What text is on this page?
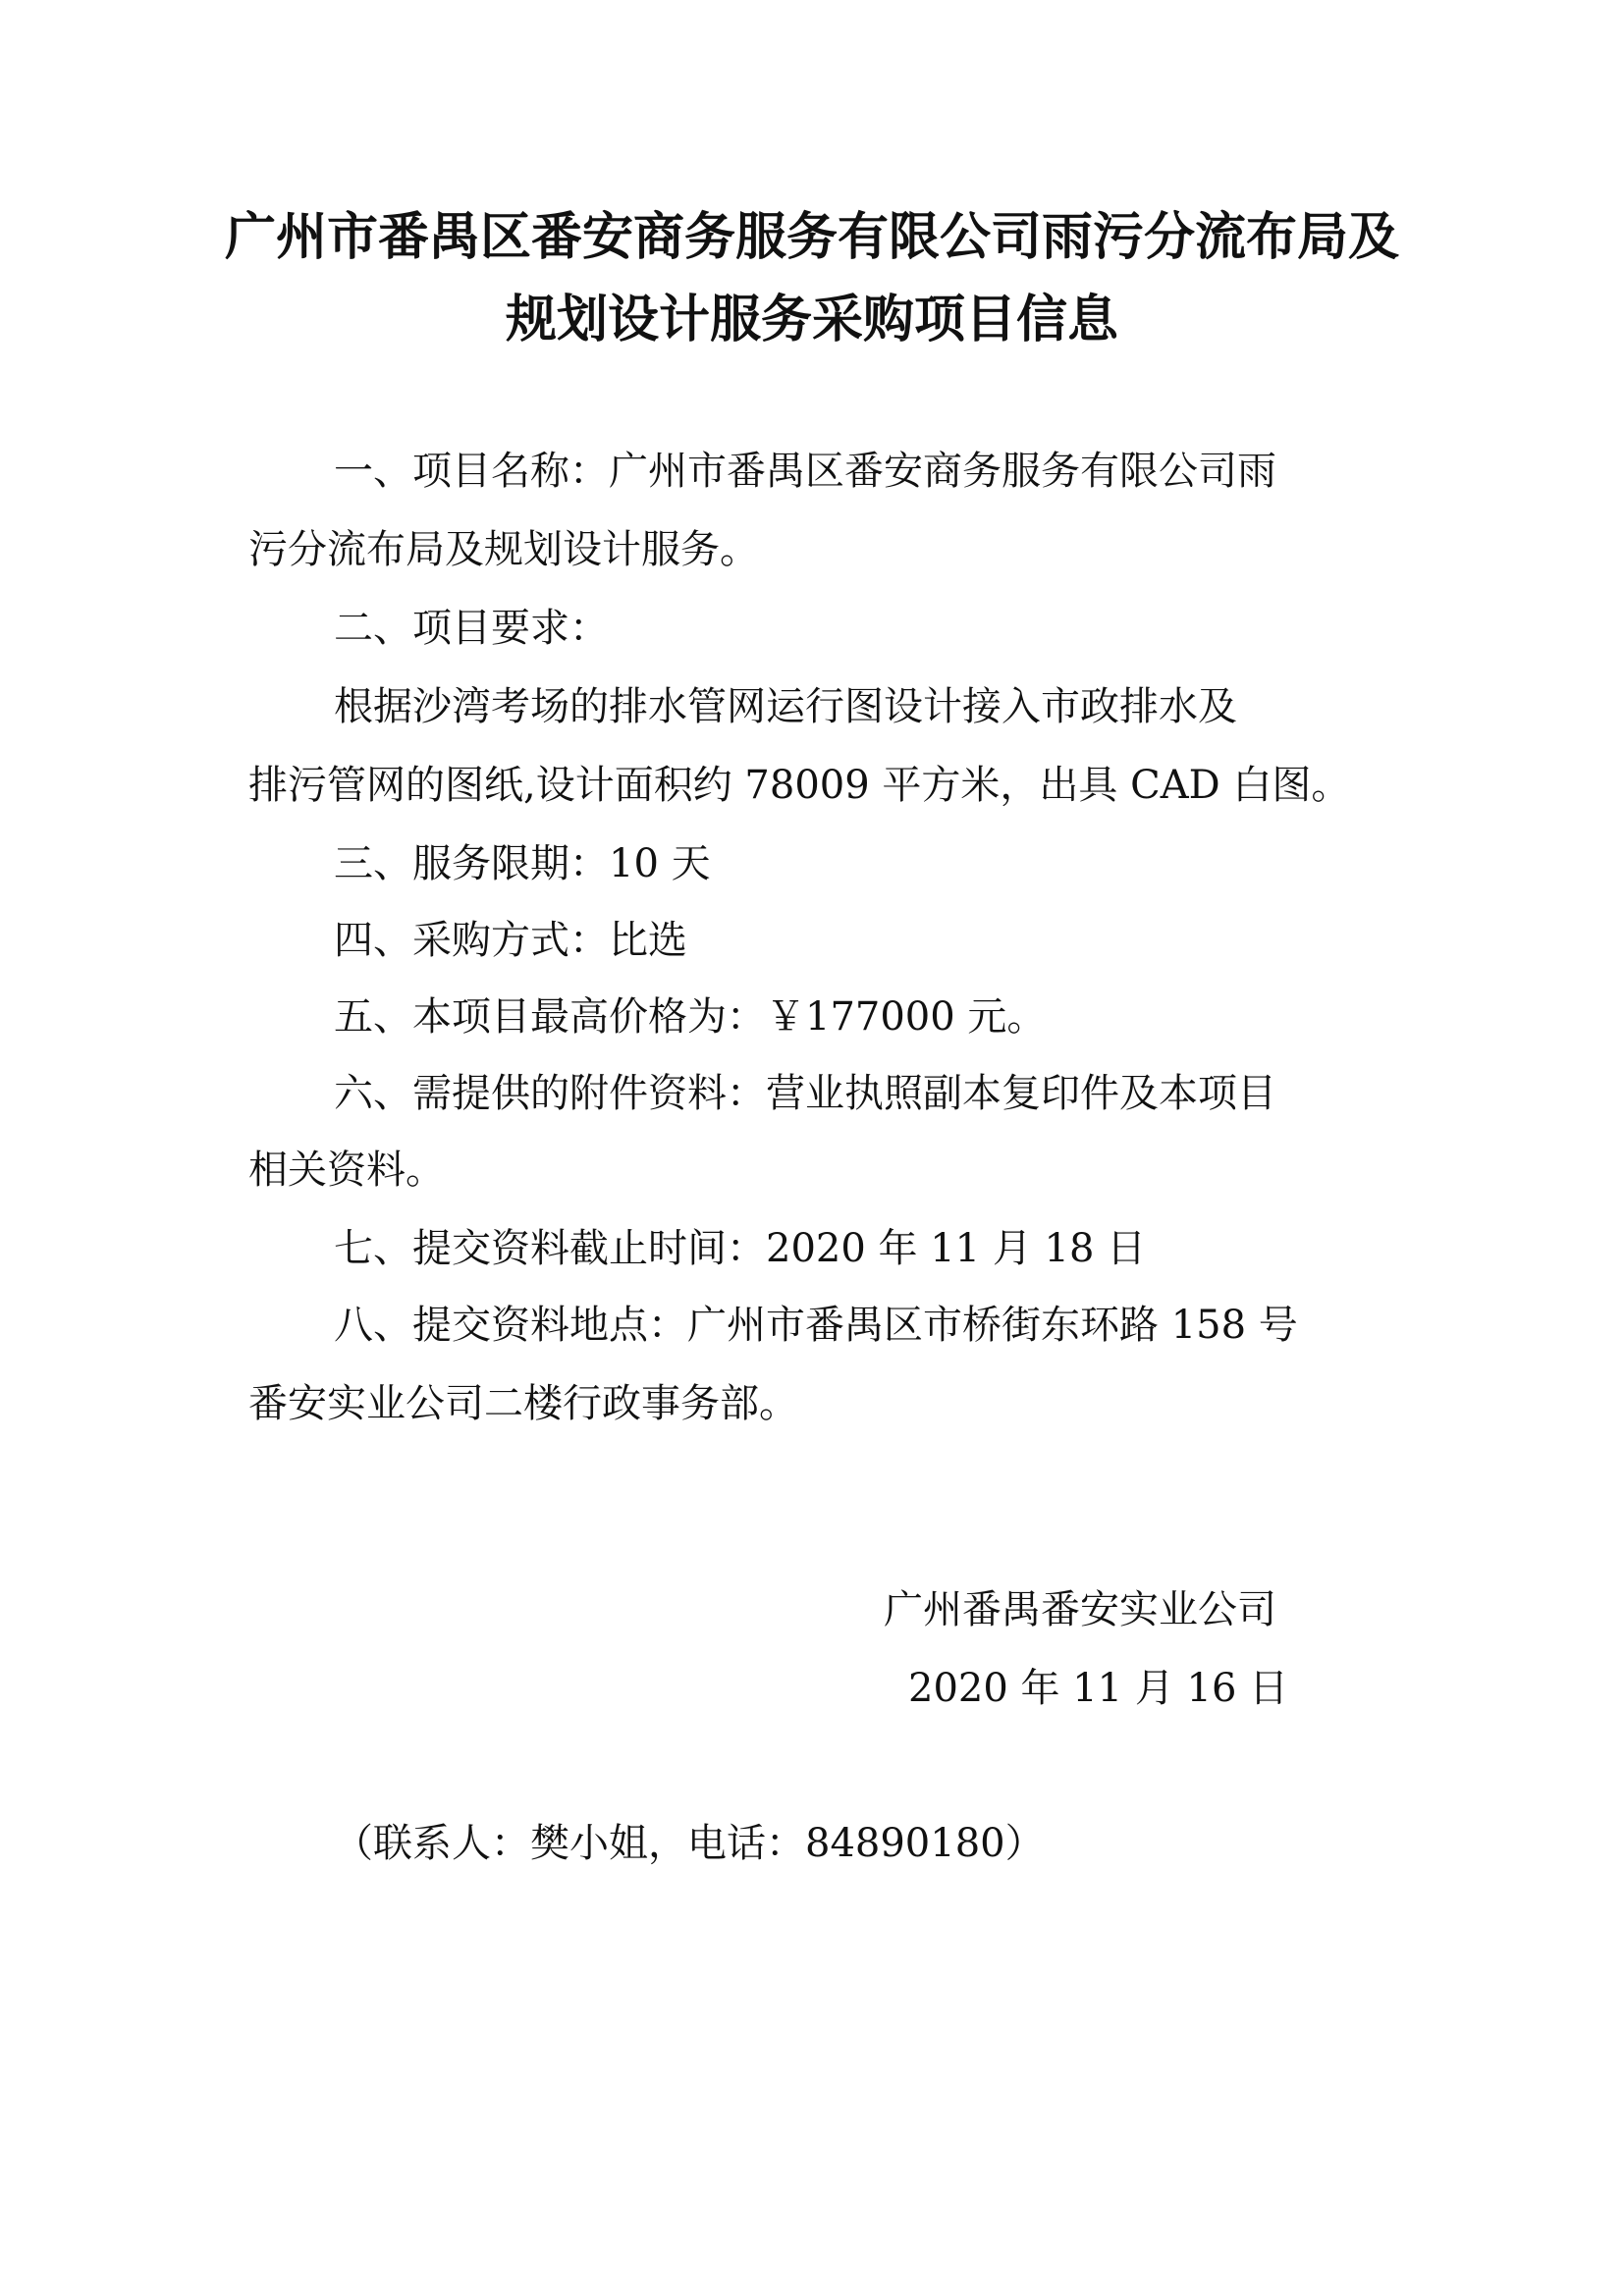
广州市番禺区番安商务服务有限公司雨污分流布局及
规划设计服务采购项目信息

一、项目名称：广州市番禺区番安商务服务有限公司雨

污分流布局及规划设计服务。

二、项目要求：

根据沙湾考场的排水管网运行图设计接入市政排水及

排污管网的图纸,设计面积约 78009 平方米，出具 CAD 白图。

三、服务限期：10 天

四、采购方式：比选

五、本项目最高价格为：￥177000 元。

六、需提供的附件资料：营业执照副本复印件及本项目

相关资料。

七、提交资料截止时间：2020 年 11 月 18 日

八、提交资料地点：广州市番禺区市桥街东环路 158 号

番安实业公司二楼行政事务部。

广州番禺番安实业公司

2020 年 11 月 16 日

（联系人：樊小姐，电话：84890180）
